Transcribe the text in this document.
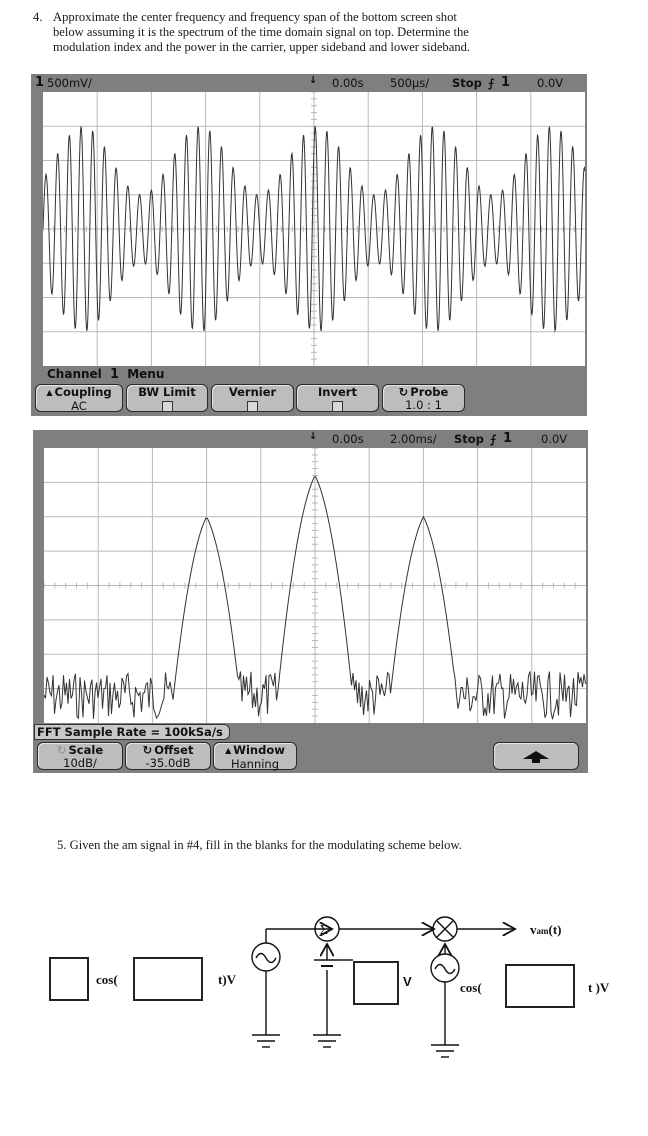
4. Approximate the center frequency and frequency span of the bottom screen shot
below assuming it is the spectrum of the time domain signal on top. Determine the
modulation index and the power in the carrier, upper sideband and lower sideband.
1 500mV/	↓ 0.00s 500µs/ Stop ⨍ 1 0.0V
Channel 1 Menu
▲ Coupling
AC
BW Limit	Vernier	Invert	↻ Probe
1.0 : 1
↓ 0.00s 2.00ms/ Stop ⨍ 1	0.0V
FFT Sample Rate = 100kSa/s
↻ Scale
10dB/
↻ Offset
-35.0dB
▲ Window
Hanning
5. Given the am signal in #4, fill in the blanks for the modulating scheme below.
Σ
cos(	t)V	V	cos(	t )V
vam(t)
